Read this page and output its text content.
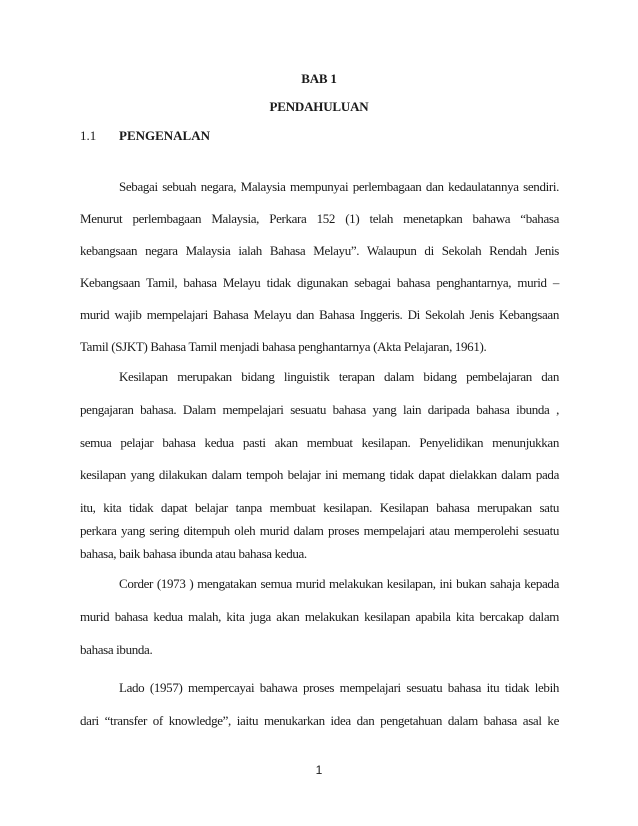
BAB 1
PENDAHULUAN
1.1 PENGENALAN
Sebagai sebuah negara, Malaysia mempunyai perlembagaan dan kedaulatannya sendiri.
Menurut perlembagaan Malaysia, Perkara 152 (1) telah menetapkan bahawa “bahasa
kebangsaan negara Malaysia ialah Bahasa Melayu”. Walaupun di Sekolah Rendah Jenis
Kebangsaan Tamil, bahasa Melayu tidak digunakan sebagai bahasa penghantarnya, murid –
murid wajib mempelajari Bahasa Melayu dan Bahasa Inggeris. Di Sekolah Jenis Kebangsaan
Tamil (SJKT) Bahasa Tamil menjadi bahasa penghantarnya (Akta Pelajaran, 1961).
Kesilapan merupakan bidang linguistik terapan dalam bidang pembelajaran dan
pengajaran bahasa. Dalam mempelajari sesuatu bahasa yang lain daripada bahasa ibunda ,
semua pelajar bahasa kedua pasti akan membuat kesilapan. Penyelidikan menunjukkan
kesilapan yang dilakukan dalam tempoh belajar ini memang tidak dapat dielakkan dalam pada
itu, kita tidak dapat belajar tanpa membuat kesilapan. Kesilapan bahasa merupakan satu
perkara yang sering ditempuh oleh murid dalam proses mempelajari atau memperolehi sesuatu
bahasa, baik bahasa ibunda atau bahasa kedua.
Corder (1973 ) mengatakan semua murid melakukan kesilapan, ini bukan sahaja kepada
murid bahasa kedua malah, kita juga akan melakukan kesilapan apabila kita bercakap dalam
bahasa ibunda.
Lado (1957) mempercayai bahawa proses mempelajari sesuatu bahasa itu tidak lebih
1
dari “transfer of knowledge”, iaitu menukarkan idea dan pengetahuan dalam bahasa asal ke
